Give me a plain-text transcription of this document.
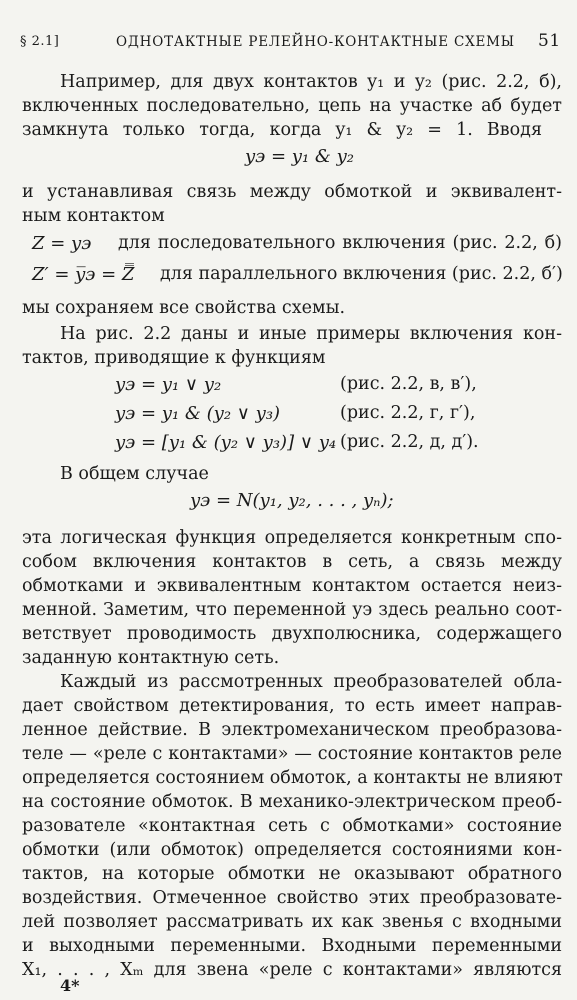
§ 2.1]	ОДНОТАКТНЫЕ РЕЛЕЙНО-КОНТАКТНЫЕ СХЕМЫ 51
Например, для двух контактов y₁ и y₂ (рис. 2.2, б),
включенных последовательно, цепь на участке аб будет
замкнута только тогда, когда y₁ & y₂ = 1. Вводя
yэ = y₁ & y₂
и устанавливая связь между обмоткой и эквивалент-
ным контактом
Z = yэ для последовательного включения (рис. 2.2, б)
Z′ = y̅э = Z̿ для параллельного включения (рис. 2.2, б′)
мы сохраняем все свойства схемы.
На рис. 2.2 даны и иные примеры включения кон-
тактов, приводящие к функциям
yэ = y₁ ∨ y₂	(рис. 2.2, в, в′),
yэ = y₁ & (y₂ ∨ y₃)	(рис. 2.2, г, г′),
yэ = [y₁ & (y₂ ∨ y₃)] ∨ y₄ (рис. 2.2, д, д′).
В общем случае
yэ = N(y₁, y₂, . . . , yₙ);
эта логическая функция определяется конкретным спо-
собом включения контактов в сеть, а связь между
обмотками и эквивалентным контактом остается неиз-
менной. Заметим, что переменной yэ здесь реально соот-
ветствует проводимость двухполюсника, содержащего
заданную контактную сеть.
Каждый из рассмотренных преобразователей обла-
дает свойством детектирования, то есть имеет направ-
ленное действие. В электромеханическом преобразова-
теле — «реле с контактами» — состояние контактов реле
определяется состоянием обмоток, а контакты не влияют
на состояние обмоток. В механико-электрическом преоб-
разователе «контактная сеть с обмотками» состояние
обмотки (или обмоток) определяется состояниями кон-
тактов, на которые обмотки не оказывают обратного
воздействия. Отмеченное свойство этих преобразовате-
лей позволяет рассматривать их как звенья с входными
и выходными переменными. Входными переменными
X₁, . . . , Xₘ для звена «реле с контактами» являются
4*
